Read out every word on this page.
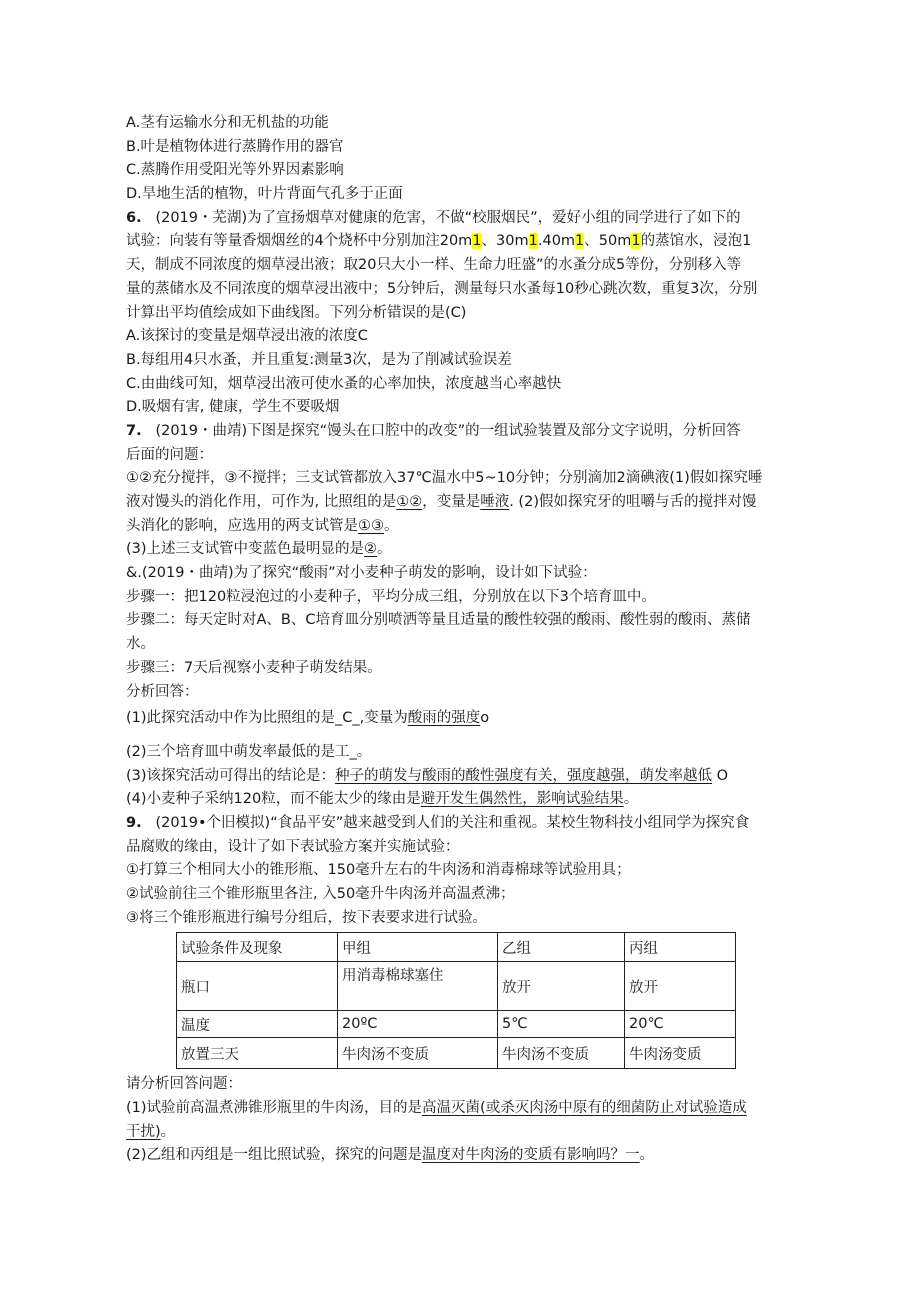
A.茎有运输水分和无机盐的功能
B.叶是植物体进行蒸腾作用的器官
C.蒸腾作用受阳光等外界因素影响
D.旱地生活的植物，叶片背面气孔多于正面
6. (2019・芜湖)为了宣扬烟草对健康的危害，不做“校服烟民”，爱好小组的同学进行了如下的
试验：向装有等量香烟烟丝的4个烧杯中分别加注20m1、30m1.40m1、50m1的蒸馆水，浸泡1
天，制成不同浓度的烟草浸出液；取20只大小一样、生命力旺盛”的水蚤分成5等份，分别移入等
量的蒸储水及不同浓度的烟草浸出液中；5分钟后，测量每只水蚤每10秒心跳次数，重复3次，分别
计算出平均值绘成如下曲线图。下列分析错误的是(C)
A.该探讨的变量是烟草浸出液的浓度C
B.每组用4只水蚤，并且重复:测量3次，是为了削减试验误差
C.由曲线可知，烟草浸出液可使水蚤的心率加快，浓度越当心率越快
D.吸烟有害, 健康，学生不要吸烟
7. (2019・曲靖)下图是探究“馒头在口腔中的改变”的一组试验装置及部分文字说明，分析回答
后面的问题：
①②充分搅拌，③不搅拌；三支试管都放入37℃温水中5~10分钟；分别滴加2滴碘液(1)假如探究唾
液对馒头的消化作用，可作为, 比照组的是①②，变量是唾液. (2)假如探究牙的咀嚼与舌的搅拌对馒
头消化的影响，应选用的两支试管是①③。
(3)上述三支试管中变蓝色最明显的是②。
&.(2019・曲靖)为了探究“酸雨”对小麦种子萌发的影响，设计如下试验：
步骤一：把120粒浸泡过的小麦种子，平均分成三组，分别放在以下3个培育皿中。
步骤二：每天定时对A、B、C培育皿分别喷洒等量且适量的酸性较强的酸雨、酸性弱的酸雨、蒸储
水。
步骤三：7天后视察小麦种子萌发结果。
分析回答：
(1)此探究活动中作为比照组的是_C_,变量为酸雨的强度o
(2)三个培育皿中萌发率最低的是工_。
(3)该探究活动可得出的结论是：种子的萌发与酸雨的酸性强度有关，强度越强，萌发率越低 O
(4)小麦种子采纳120粒，而不能太少的缘由是避开发生偶然性，影响试验结果。
9. (2019•个旧模拟)“食品平安”越来越受到人们的关注和重视。某校生物科技小组同学为探究食
品腐败的缘由，设计了如下表试验方案并实施试验：
①打算三个相同大小的锥形瓶、150毫升左右的牛肉汤和消毒棉球等试验用具；
②试验前往三个锥形瓶里各注, 入50毫升牛肉汤并高温煮沸；
③将三个锥形瓶进行编号分组后，按下表要求进行试验。
试验条件及现象	甲组	乙组	丙组
瓶口	用消毒棉球塞住	放开	放开
温度	20ºC	5℃	20℃
放置三天	牛肉汤不变质	牛肉汤不变质	牛肉汤变质
请分析回答问题：
(1)试验前高温煮沸锥形瓶里的牛肉汤，目的是高温灭菌(或杀灭肉汤中原有的细菌防止对试验造成
干扰)。
(2)乙组和丙组是一组比照试验，探究的问题是温度对牛肉汤的变质有影响吗？一。
